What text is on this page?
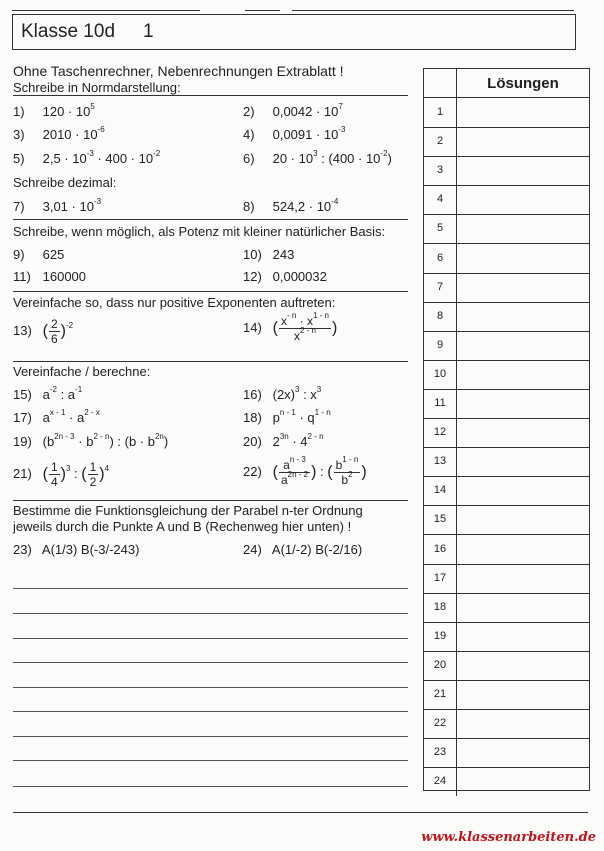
Klasse 10d 1
Ohne Taschenrechner, Nebenrechnungen Extrablatt !
Schreibe in Normdarstellung:
1) $120 \cdot 10^5$	2) $0,0042 \cdot 10^7$
3) $2010 \cdot 10^{-6}$	4) $0,0091 \cdot 10^{-3}$
5) $2,5 \cdot 10^{-3} \cdot 400 \cdot 10^{-2}$	6) $20 \cdot 10^3$ : $(400 \cdot 10^{-2})$
Schreibe dezimal:
7) $3,01 \cdot 10^{-3}$	8) $524,2 \cdot 10^{-4}$
Schreibe, wenn möglich, als Potenz mit kleiner natürlicher Basis:
9) 625	10) 243
11) 160000	12) 0,000032
Vereinfache so, dass nur positive Exponenten auftreten:
13) ( $\frac{2}{6} )^{-2}$	14) ( $\frac{x^{- n} \cdot x^{1 - n}}{x^{2 - n}}$ )
Vereinfache / berechne:
15) $a^{-2}$ : $a^{-1}$	16) $(2x)^3$ : $x^3$
17) $a^{x - 1} \cdot a^{2 - x}$	18) $p^{n - 1} \cdot q^{1 - n}$
19) $(b^{2n - 3} \cdot b^{2 - n})$ : $(b \cdot b^{2n})$	20) $2^{3n} \cdot 4^{2 - n}$
21) ( $\frac{1}{4} )^3$ : ( $\frac{1}{2} )^4$	22) ( $\frac{a^{n - 3}}{a^{2n - 2}}$ ) : ( $\frac{b^{1 - n}}{b^2}$ )
Bestimme die Funktionsgleichung der Parabel n-ter Ordnung
jeweils durch die Punkte A und B (Rechenweg hier unten) !
23) A(1/3) B(-3/-243)	24) A(1/-2) B(-2/16)
Lösungen
1
2
3
4
5
6
7
8
9
10
11
12
13
14
15
16
17
18
19
20
21
22
23
24
www.klassenarbeiten.de
